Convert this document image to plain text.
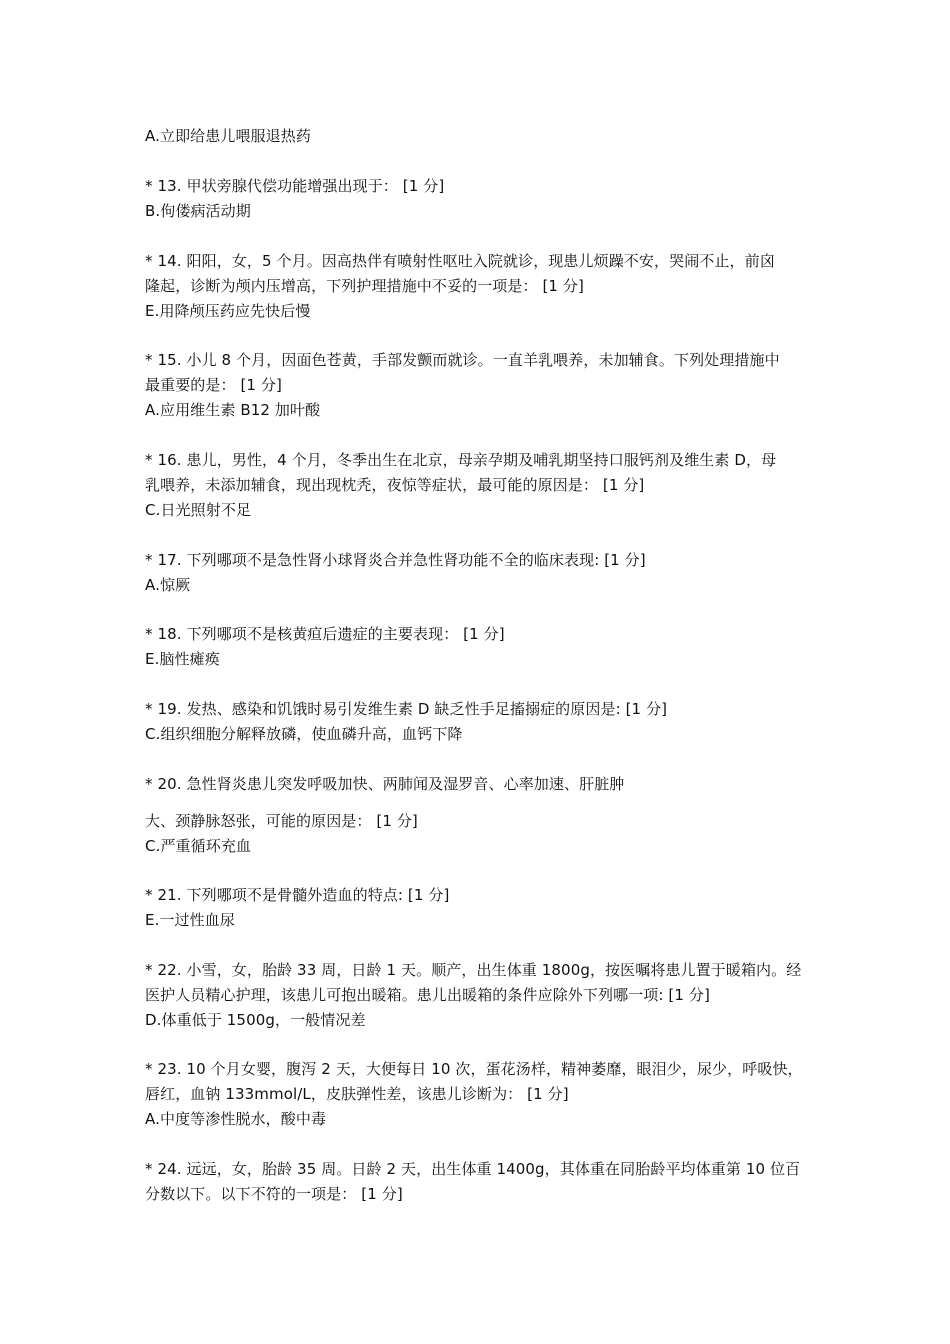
A.立即给患儿喂服退热药
* 13. 甲状旁腺代偿功能增强出现于： [1 分]
B.佝偻病活动期
* 14. 阳阳，女，5 个月。因高热伴有喷射性呕吐入院就诊，现患儿烦躁不安，哭闹不止，前囟
隆起，诊断为颅内压增高，下列护理措施中不妥的一项是： [1 分]
E.用降颅压药应先快后慢
* 15. 小儿 8 个月，因面色苍黄，手部发颤而就诊。一直羊乳喂养，未加辅食。下列处理措施中
最重要的是： [1 分]
A.应用维生素 B12 加叶酸
* 16. 患儿，男性，4 个月，冬季出生在北京，母亲孕期及哺乳期坚持口服钙剂及维生素 D，母
乳喂养，未添加辅食，现出现枕秃，夜惊等症状，最可能的原因是： [1 分]
C.日光照射不足
* 17. 下列哪项不是急性肾小球肾炎合并急性肾功能不全的临床表现: [1 分]
A.惊厥
* 18. 下列哪项不是核黄疸后遗症的主要表现： [1 分]
E.脑性瘫痪
* 19. 发热、感染和饥饿时易引发维生素 D 缺乏性手足搐搦症的原因是: [1 分]
C.组织细胞分解释放磷，使血磷升高，血钙下降
* 20. 急性肾炎患儿突发呼吸加快、两肺闻及湿罗音、心率加速、肝脏肿
大、颈静脉怒张，可能的原因是： [1 分]
C.严重循环充血
* 21. 下列哪项不是骨髓外造血的特点: [1 分]
E.一过性血尿
* 22. 小雪，女，胎龄 33 周，日龄 1 天。顺产，出生体重 1800g，按医嘱将患儿置于暖箱内。经
医护人员精心护理，该患儿可抱出暖箱。患儿出暖箱的条件应除外下列哪一项: [1 分]
D.体重低于 1500g，一般情况差
* 23. 10 个月女婴，腹泻 2 天，大便每日 10 次，蛋花汤样，精神萎靡，眼泪少，尿少，呼吸快，
唇红，血钠 133mmol/L，皮肤弹性差，该患儿诊断为： [1 分]
A.中度等渗性脱水，酸中毒
* 24. 远远，女，胎龄 35 周。日龄 2 天，出生体重 1400g，其体重在同胎龄平均体重第 10 位百
分数以下。以下不符的一项是： [1 分]
